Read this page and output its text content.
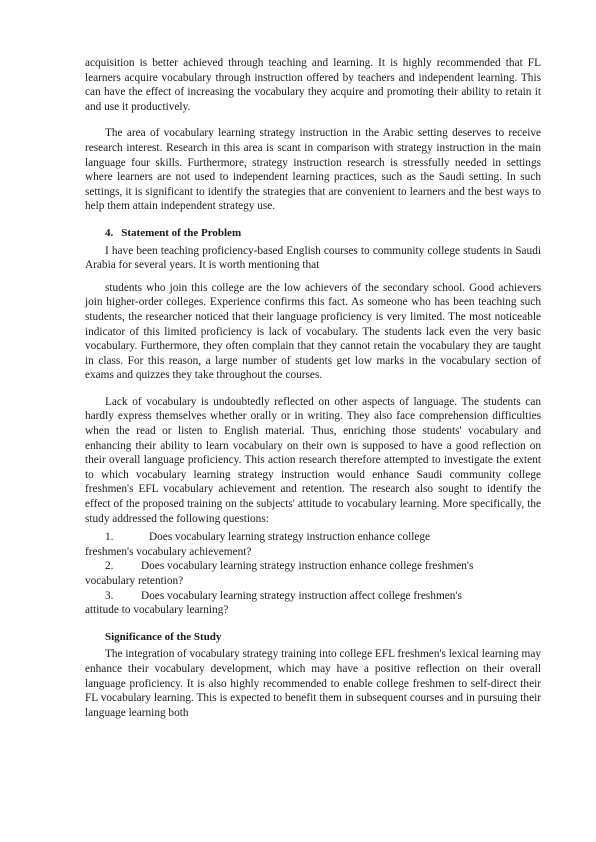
acquisition is better achieved through teaching and learning. It is highly recommended that FL learners acquire vocabulary through instruction offered by teachers and independent learning. This can have the effect of increasing the vocabulary they acquire and promoting their ability to retain it and use it productively.

The area of vocabulary learning strategy instruction in the Arabic setting deserves to receive research interest. Research in this area is scant in comparison with strategy instruction in the main language four skills. Furthermore, strategy instruction research is stressfully needed in settings where learners are not used to independent learning practices, such as the Saudi setting. In such settings, it is significant to identify the strategies that are convenient to learners and the best ways to help them attain independent strategy use.

4. Statement of the Problem

I have been teaching proficiency-based English courses to community college students in Saudi Arabia for several years. It is worth mentioning that

students who join this college are the low achievers of the secondary school. Good achievers join higher-order colleges. Experience confirms this fact. As someone who has been teaching such students, the researcher noticed that their language proficiency is very limited. The most noticeable indicator of this limited proficiency is lack of vocabulary. The students lack even the very basic vocabulary. Furthermore, they often complain that they cannot retain the vocabulary they are taught in class. For this reason, a large number of students get low marks in the vocabulary section of exams and quizzes they take throughout the courses.

Lack of vocabulary is undoubtedly reflected on other aspects of language. The students can hardly express themselves whether orally or in writing. They also face comprehension difficulties when the read or listen to English material. Thus, enriching those students' vocabulary and enhancing their ability to learn vocabulary on their own is supposed to have a good reflection on their overall language proficiency. This action research therefore attempted to investigate the extent to which vocabulary learning strategy instruction would enhance Saudi community college freshmen's EFL vocabulary achievement and retention. The research also sought to identify the effect of the proposed training on the subjects' attitude to vocabulary learning. More specifically, the study addressed the following questions:

1.	Does vocabulary learning strategy instruction enhance college
freshmen's vocabulary achievement?
2. Does vocabulary learning strategy instruction enhance college freshmen's
vocabulary retention?
3. Does vocabulary learning strategy instruction affect college freshmen's
attitude to vocabulary learning?
Significance of the Study

The integration of vocabulary strategy training into college EFL freshmen's lexical learning may enhance their vocabulary development, which may have a positive reflection on their overall language proficiency. It is also highly recommended to enable college freshmen to self-direct their FL vocabulary learning. This is expected to benefit them in subsequent courses and in pursuing their language learning both
